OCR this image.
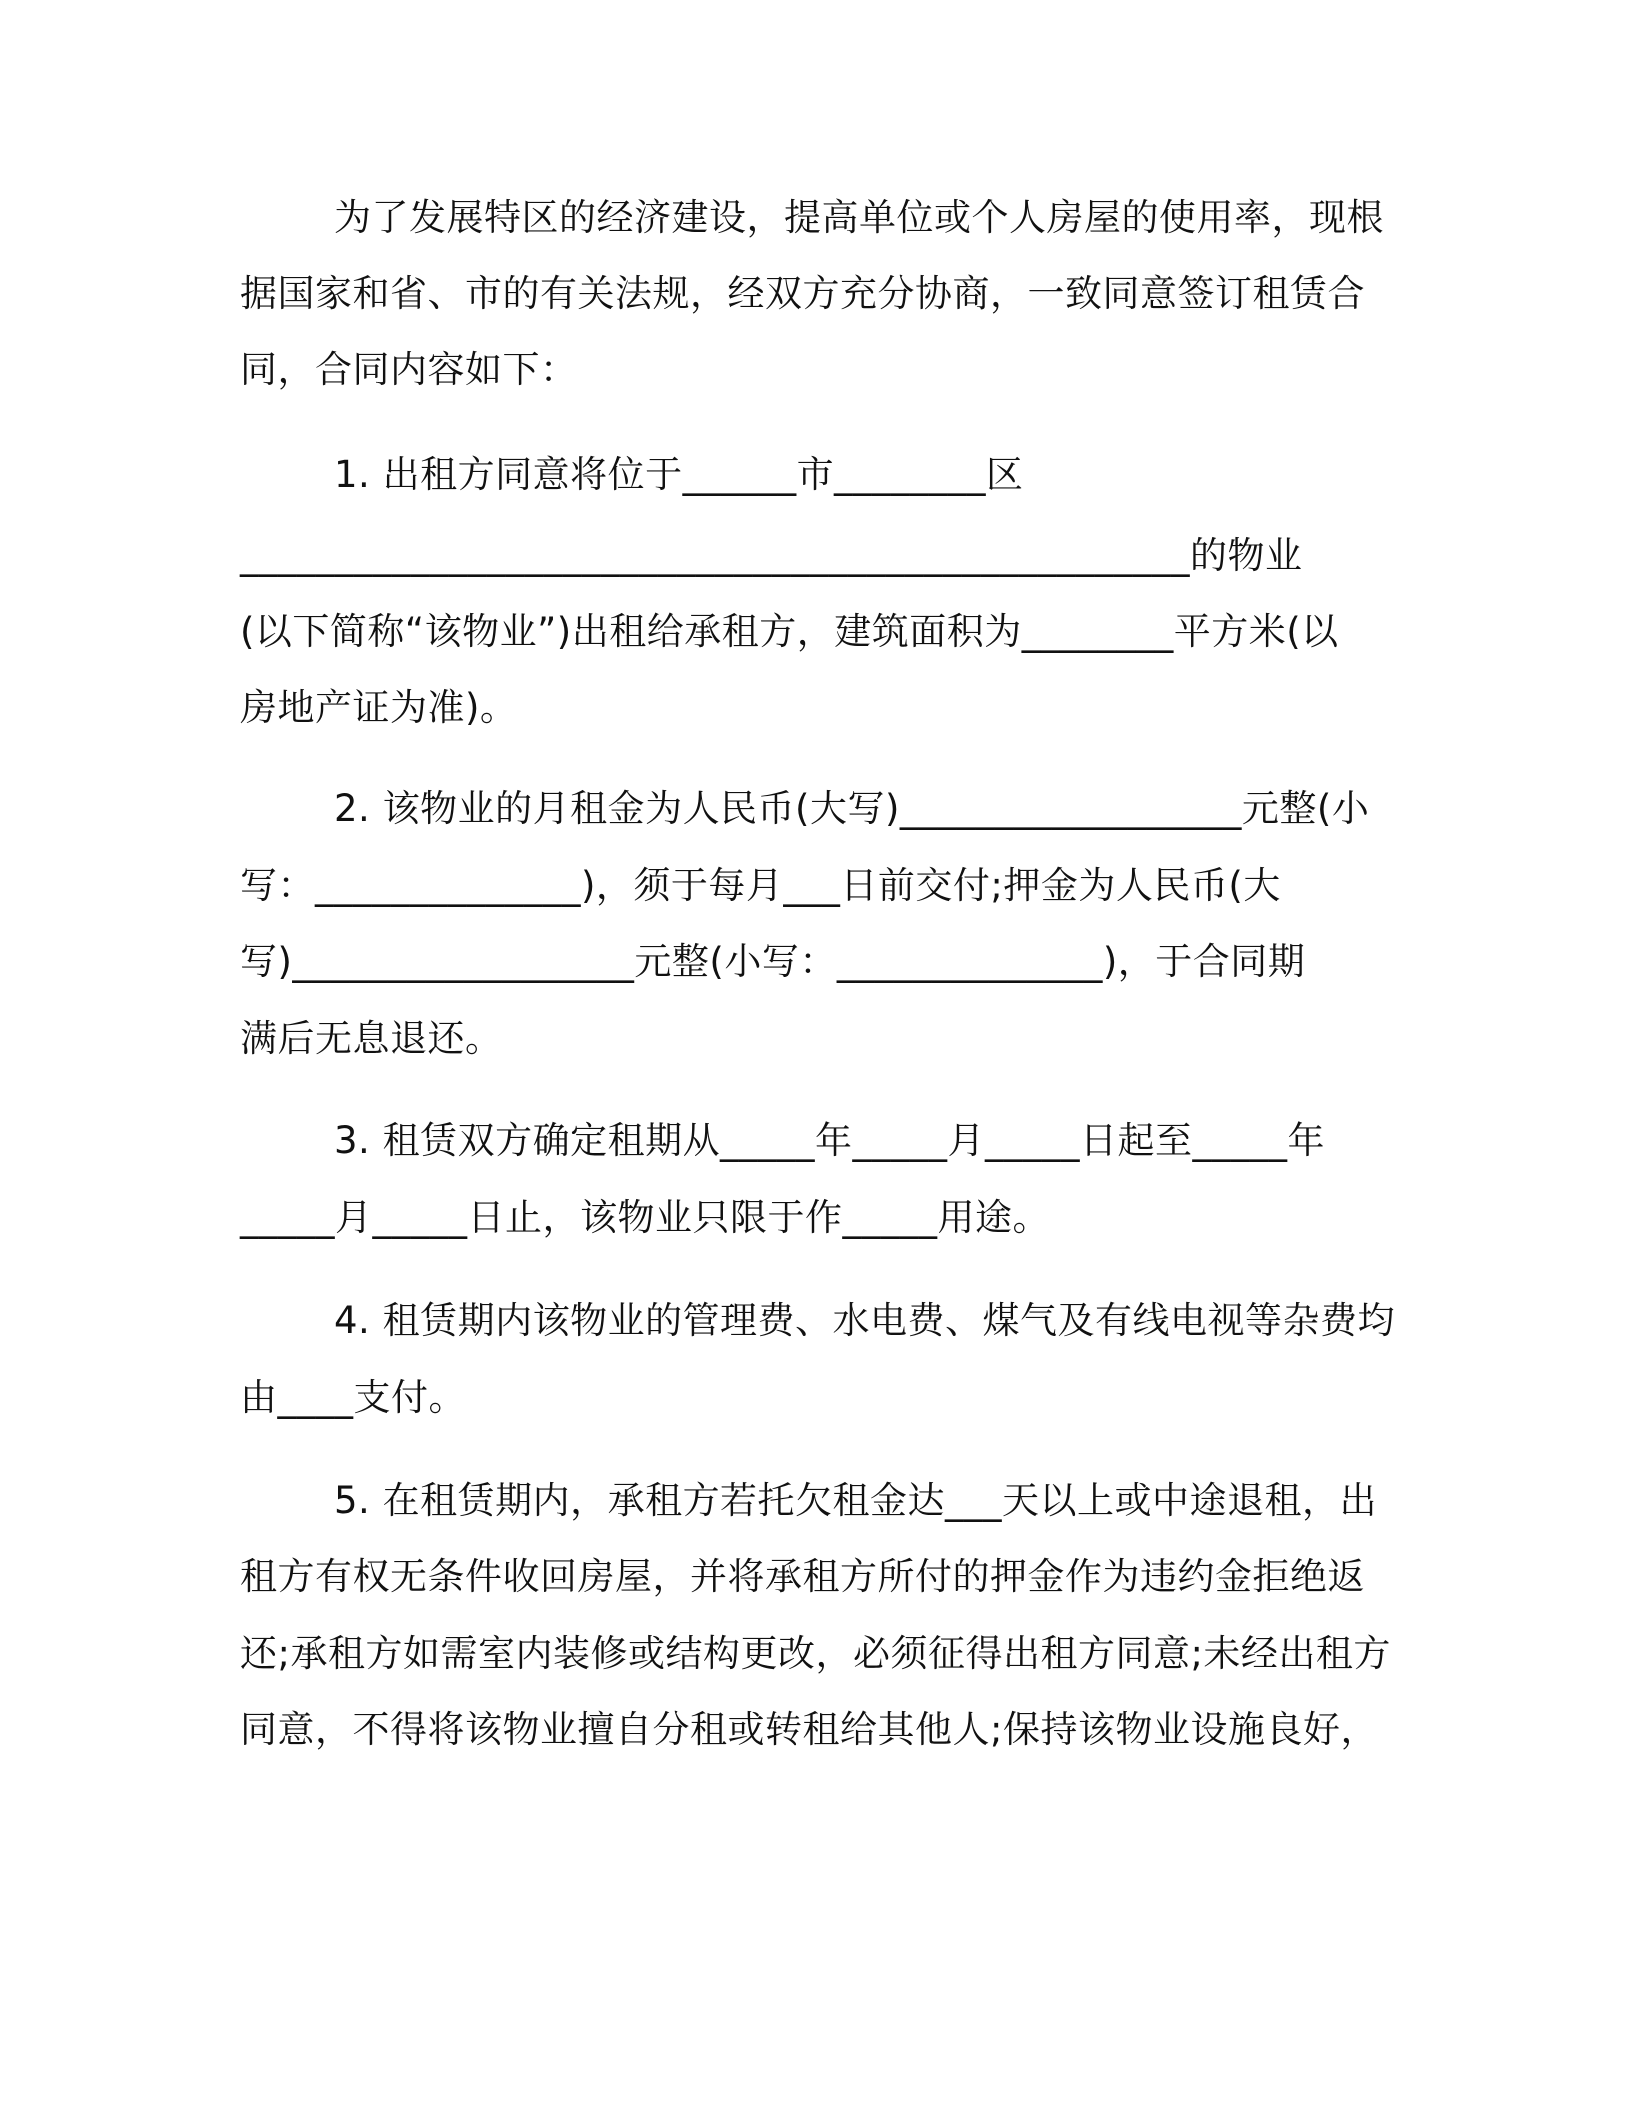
为了发展特区的经济建设，提高单位或个人房屋的使用率，现根
据国家和省、市的有关法规，经双方充分协商，一致同意签订租赁合
同，合同内容如下：
1. 出租方同意将位于______市________区
__________________________________________________的物业
(以下简称“该物业”)出租给承租方，建筑面积为________平方米(以
房地产证为准)。
2. 该物业的月租金为人民币(大写)__________________元整(小
写：______________)，须于每月___日前交付;押金为人民币(大
写)__________________元整(小写：______________)，于合同期
满后无息退还。
3. 租赁双方确定租期从_____年_____月_____日起至_____年
_____月_____日止，该物业只限于作_____用途。
4. 租赁期内该物业的管理费、水电费、煤气及有线电视等杂费均
由____支付。
5. 在租赁期内，承租方若托欠租金达___天以上或中途退租，出
租方有权无条件收回房屋，并将承租方所付的押金作为违约金拒绝返
还;承租方如需室内装修或结构更改，必须征得出租方同意;未经出租方
同意，不得将该物业擅自分租或转租给其他人;保持该物业设施良好，
